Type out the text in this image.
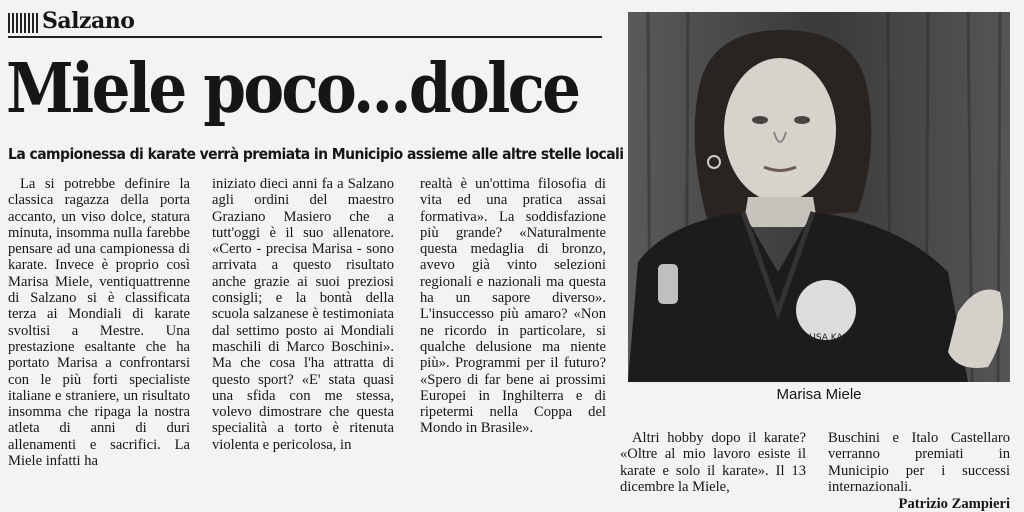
Salzano
Miele poco...dolce
La campionessa di karate verrà premiata in Municipio assieme alle altre stelle locali

La si potrebbe definire la classica ragazza della porta accanto, un viso dolce, statura minuta, insomma nulla farebbe pensare ad una campionessa di karate. Invece è proprio così Marisa Miele, ventiquattrenne di Salzano si è classificata terza ai Mondiali di karate svoltisi a Mestre. Una prestazione esaltante che ha portato Marisa a confrontarsi con le più forti specialiste italiane e straniere, un risultato insomma che ripaga la nostra atleta di anni di duri allenamenti e sacrifici. La Miele infatti ha

iniziato dieci anni fa a Salzano agli ordini del maestro Graziano Masiero che a tutt'oggi è il suo allenatore. «Certo - precisa Marisa - sono arrivata a questo risultato anche grazie ai suoi preziosi consigli; e la bontà della scuola salzanese è testimoniata dal settimo posto ai Mondiali maschili di Marco Boschini». Ma che cosa l'ha attratta di questo sport? «E' stata quasi una sfida con me stessa, volevo dimostrare che questa specialità a torto è ritenuta violenta e pericolosa, in

realtà è un'ottima filosofia di vita ed una pratica assai formativa». La soddisfazione più grande? «Naturalmente questa medaglia di bronzo, avevo già vinto selezioni regionali e nazionali ma questa ha un sapore diverso». L'insuccesso più amaro? «Non ne ricordo in particolare, si qualche delusione ma niente più». Programmi per il futuro? «Spero di far bene ai prossimi Europei in Inghilterra e di ripetermi nella Coppa del Mondo in Brasile».

USA KA
Marisa Miele

Altri hobby dopo il karate? «Oltre al mio lavoro esiste il karate e solo il karate». Il 13 dicembre la Miele,

Buschini e Italo Castellaro verranno premiati in Municipio per i successi internazionali.

Patrizio Zampieri
